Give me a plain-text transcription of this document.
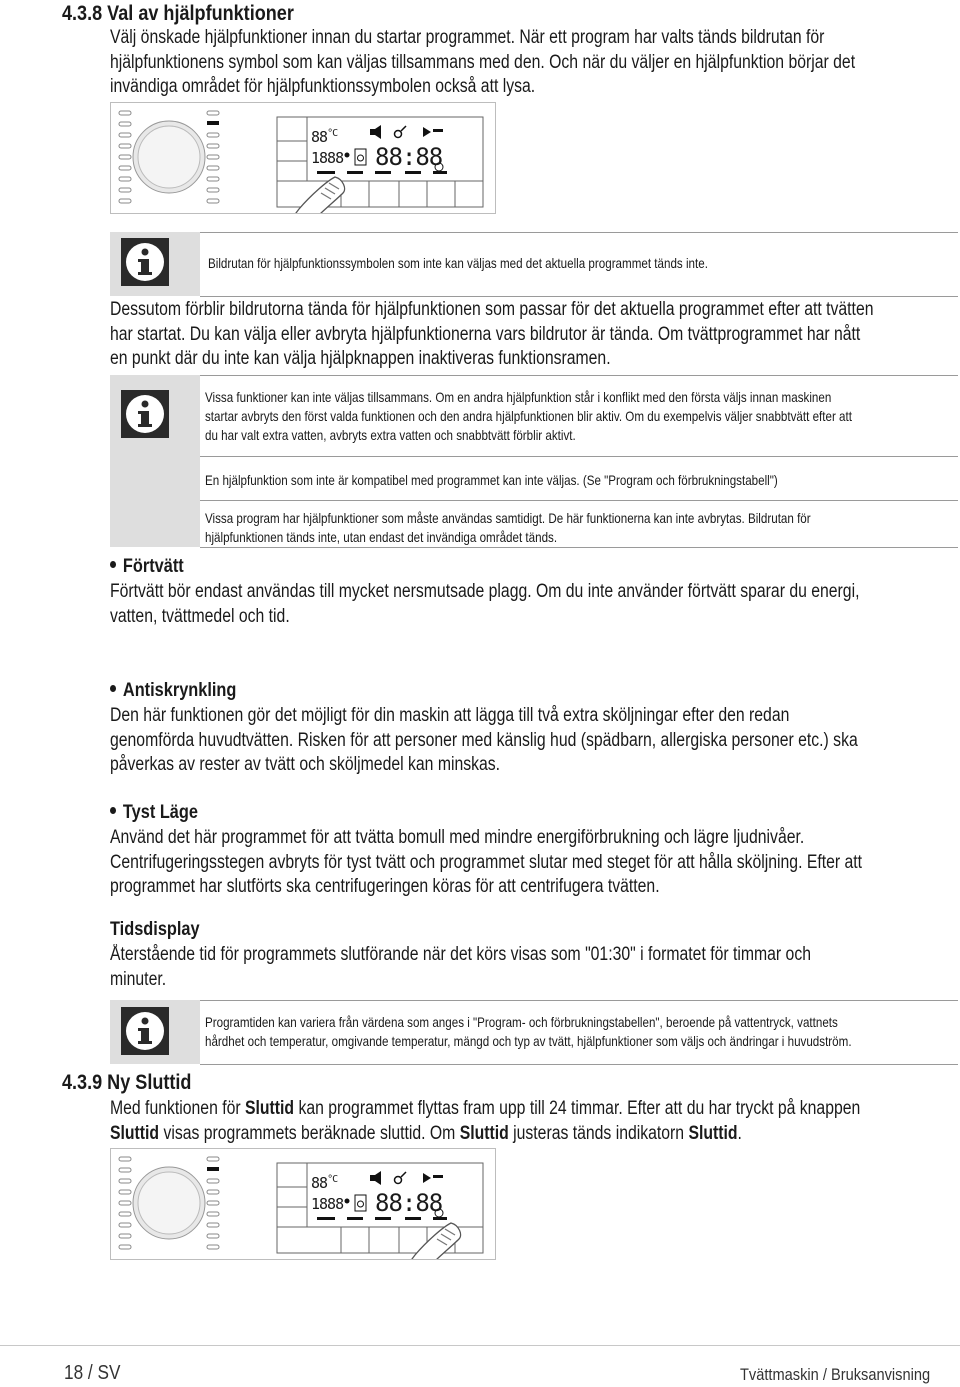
4.3.8 Val av hjälpfunktioner

Välj önskade hjälpfunktioner innan du startar programmet. När ett program har valts tänds bildrutan för

hjälpfunktionens symbol som kan väljas tillsammans med den. Och när du väljer en hjälpfunktion börjar det

invändiga området för hjälpfunktionssymbolen också att lysa.

$88^{^\circ C}$
1888 88:88
Bildrutan för hjälpfunktionssymbolen som inte kan väljas med det aktuella programmet tänds inte.

Dessutom förblir bildrutorna tända för hjälpfunktionen som passar för det aktuella programmet efter att tvätten

har startat. Du kan välja eller avbryta hjälpfunktionerna vars bildrutor är tända. Om tvättprogrammet har nått

en punkt där du inte kan välja hjälpknappen inaktiveras funktionsramen.

Vissa funktioner kan inte väljas tillsammans. Om en andra hjälpfunktion står i konflikt med den första väljs innan maskinen

startar avbryts den först valda funktionen och den andra hjälpfunktionen blir aktiv. Om du exempelvis väljer snabbtvätt efter att

du har valt extra vatten, avbryts extra vatten och snabbtvätt förblir aktivt.

En hjälpfunktion som inte är kompatibel med programmet kan inte väljas. (Se "Program och förbrukningstabell")

Vissa program har hjälpfunktioner som måste användas samtidigt. De här funktionerna kan inte avbrytas. Bildrutan för

hjälpfunktionen tänds inte, utan endast det invändiga området tänds.

Förtvätt

Förtvätt bör endast användas till mycket nersmutsade plagg. Om du inte använder förtvätt sparar du energi,

vatten, tvättmedel och tid.

Antiskrynkling

Den här funktionen gör det möjligt för din maskin att lägga till två extra sköljningar efter den redan

genomförda huvudtvätten. Risken för att personer med känslig hud (spädbarn, allergiska personer etc.) ska

påverkas av rester av tvätt och sköljmedel kan minskas.

Tyst Läge

Använd det här programmet för att tvätta bomull med mindre energiförbrukning och lägre ljudnivåer.

Centrifugeringsstegen avbryts för tyst tvätt och programmet slutar med steget för att hålla sköljning. Efter att

programmet har slutförts ska centrifugeringen köras för att centrifugera tvätten.

Tidsdisplay

Återstående tid för programmets slutförande när det körs visas som "01:30" i formatet för timmar och

minuter.

Programtiden kan variera från värdena som anges i "Program- och förbrukningstabellen", beroende på vattentryck, vattnets

hårdhet och temperatur, omgivande temperatur, mängd och typ av tvätt, hjälpfunktioner som väljs och ändringar i huvudström.

4.3.9 Ny Sluttid

Med funktionen för Sluttid kan programmet flyttas fram upp till 24 timmar. Efter att du har tryckt på knappen

Sluttid visas programmets beräknade sluttid. Om Sluttid justeras tänds indikatorn Sluttid.

$88^{^\circ C}$
1888 88:88
18 / SV	Tvättmaskin / Bruksanvisning
